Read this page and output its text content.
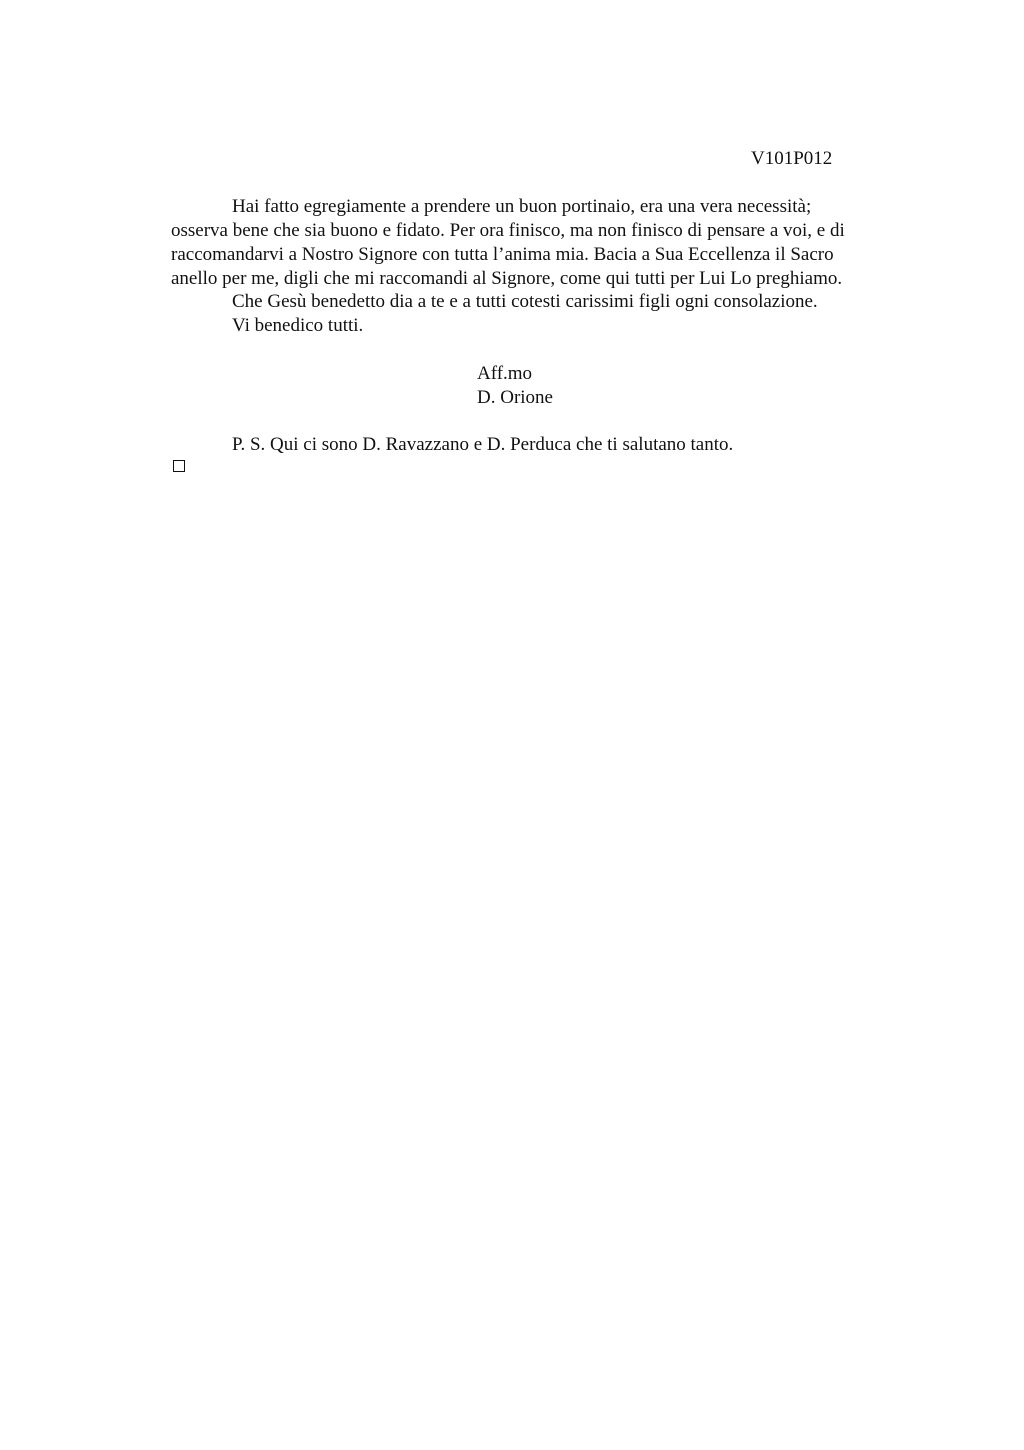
V101P012
Hai fatto egregiamente a prendere un buon portinaio, era una vera necessità;
osserva bene che sia buono e fidato. Per ora finisco, ma non finisco di pensare a voi, e di
raccomandarvi a Nostro Signore con tutta l’anima mia. Bacia a Sua Eccellenza il Sacro
anello per me, digli che mi raccomandi al Signore, come qui tutti per Lui Lo preghiamo.
Che Gesù benedetto dia a te e a tutti cotesti carissimi figli ogni consolazione.
Vi benedico tutti.
Aff.mo
D. Orione
P. S. Qui ci sono D. Ravazzano e D. Perduca che ti salutano tanto.
